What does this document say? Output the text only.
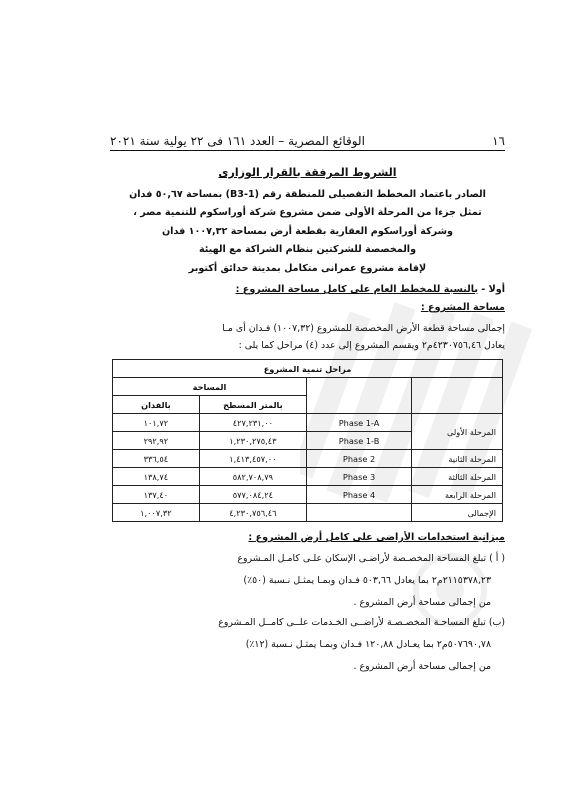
١٦
الوقائع المصرية – العدد ١٦١ فى ٢٢ يولية سنة ٢٠٢١
الشروط المرفقة بالقرار الوزارى

الصادر باعتماد المخطط التفصيلى للمنطقة رقم (B3-1) بمساحة ٥٠,٦٧ فدان

تمثل جزءا من المرحلة الأولى ضمن مشروع شركة أوراسكوم للتنمية مصر ،

وشركة أوراسكوم العقارية بقطعة أرض بمساحة ١٠٠٧,٣٢ فدان

والمخصصة للشركتين بنظام الشراكة مع الهيئة

لإقامة مشروع عمرانى متكامل بمدينة حدائق أكتوبر

أولا - بالنسبة للمخطط العام على كامل مساحة المشروع :
مساحة المشروع :

إجمالى مساحة قطعة الأرض المخصصة للمشروع (١٠٠٧,٣٢) فـدان أى مـا

يعادل ٤٢٣٠٧٥٦,٤٦م٢ ويقسم المشروع إلى عدد (٤) مراحل كما يلى :

مراحل تنمية المشروع			
		المساحة	
		بالمتر المسطح	بالفدان
المرحلة الأولى	Phase 1-A	٤٢٧,٢٣١,٠٠	١٠١,٧٢
	Phase 1-B	١,٢٣٠,٢٧٥,٤٣	٢٩٢,٩٢
المرحلة الثانية	Phase 2	١,٤١٣,٤٥٧,٠٠	٣٣٦,٥٤
المرحلة الثالثة	Phase 3	٥٨٢,٧٠٨,٧٩	١٣٨,٧٤
المرحلة الرابعة	Phase 4	٥٧٧,٠٨٤,٢٤	١٣٧,٤٠
الإجمالى		٤,٢٣٠,٧٥٦,٤٦	١,٠٠٧,٣٢
ميزانية استخدامات الأراضى على كامل أرض المشروع :

( أ ) تبلغ المساحة المخصـصة لأراضـى الإسكان علـى كامـل المـشروع

٢١١٥٣٧٨,٢٣م٢ بما يعادل ٥٠٣,٦٦ فـدان وبمـا يمثـل نـسبة (٥٠٪)

من إجمالى مساحة أرض المشروع .

(ب) تبلغ المساحـة المخصـصـة لأراضــى الخـدمات علــى كامــل المـشروع

٥٠٧٦٩٠,٧٨م٢ بما يعـادل ١٢٠,٨٨ فـدان وبمـا يمثـل نـسبة (١٢٪)

من إجمالى مساحة أرض المشروع .
